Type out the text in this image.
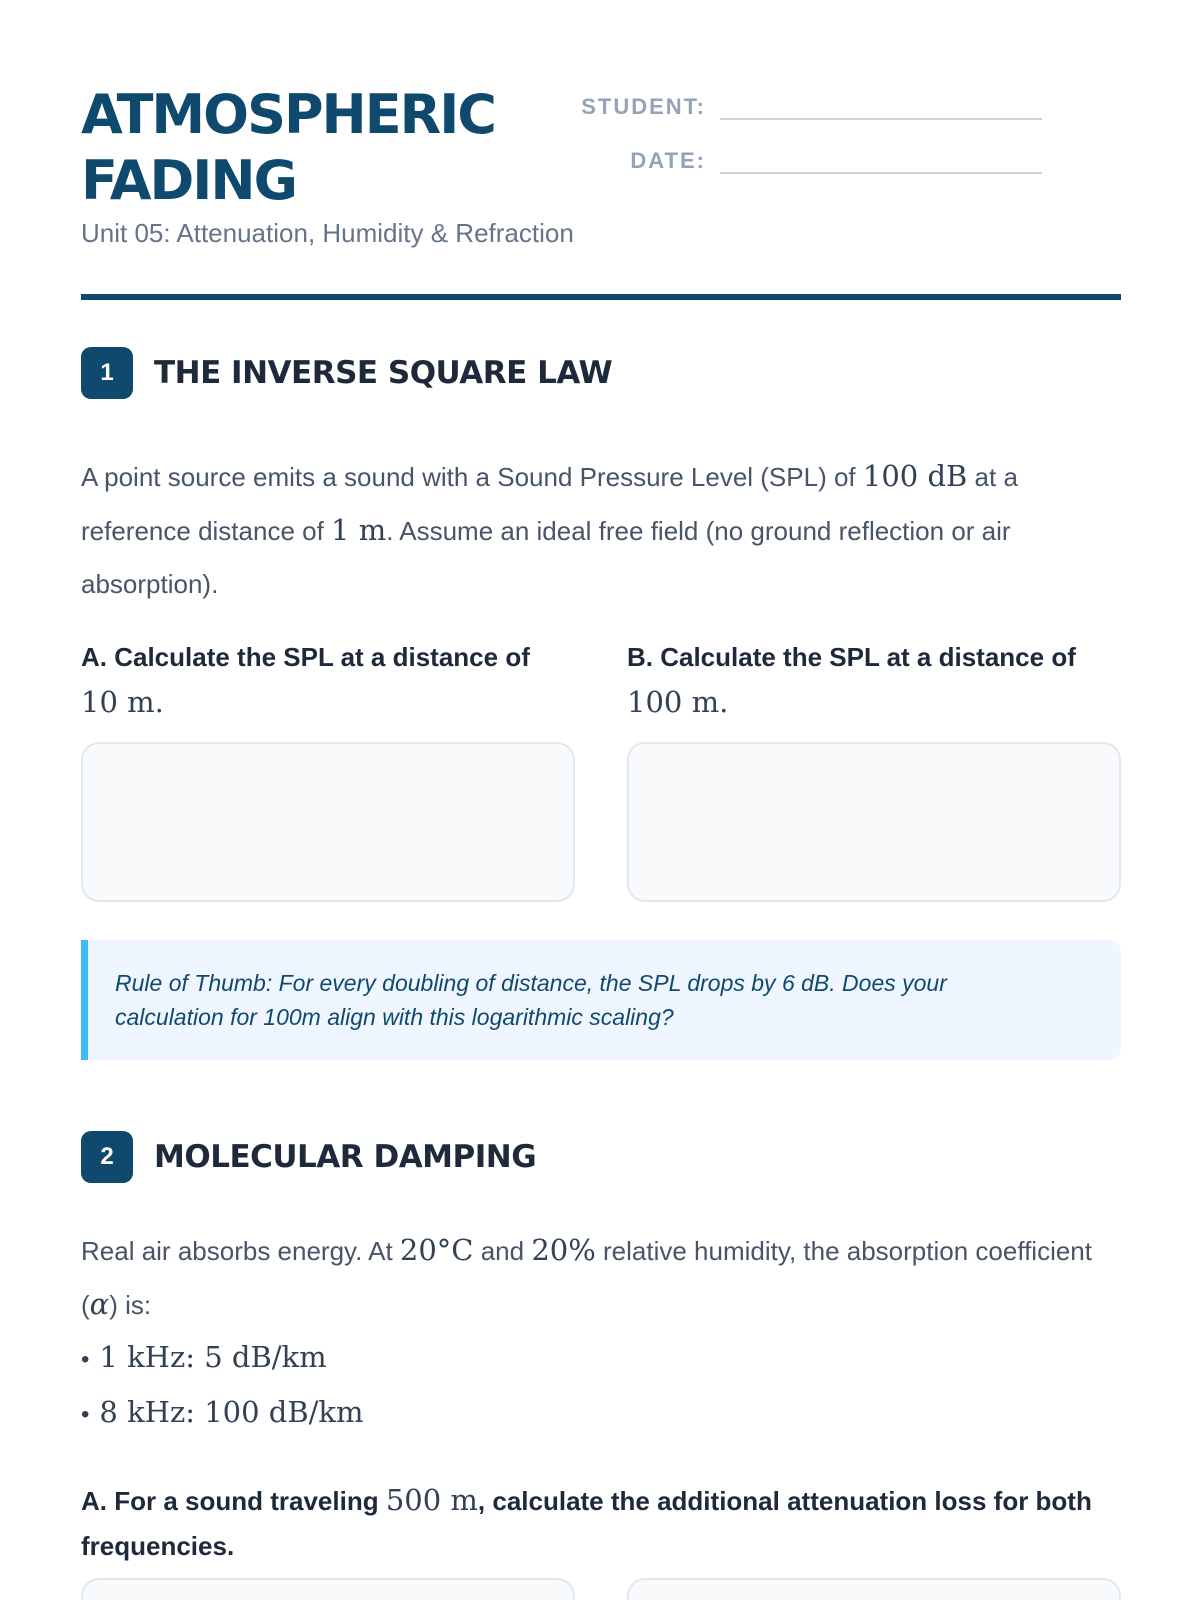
ATMOSPHERIC
FADING
Unit 05: Attenuation, Humidity & Refraction
STUDENT:
DATE:
1	THE INVERSE SQUARE LAW

A point source emits a sound with a Sound Pressure Level (SPL) of 100 dB at a reference distance of 1 m. Assume an ideal free field (no ground reflection or air absorption).

A. Calculate the SPL at a distance of
10 m.
B. Calculate the SPL at a distance of
100 m.
Rule of Thumb: For every doubling of distance, the SPL drops by 6 dB. Does your calculation for 100m align with this logarithmic scaling?
2	MOLECULAR DAMPING

Real air absorbs energy. At 20°C and 20% relative humidity, the absorption coefficient (α) is:

• 1 kHz: 5 dB/km
• 8 kHz: 100 dB/km
A. For a sound traveling 500 m, calculate the additional attenuation loss for both frequencies.
